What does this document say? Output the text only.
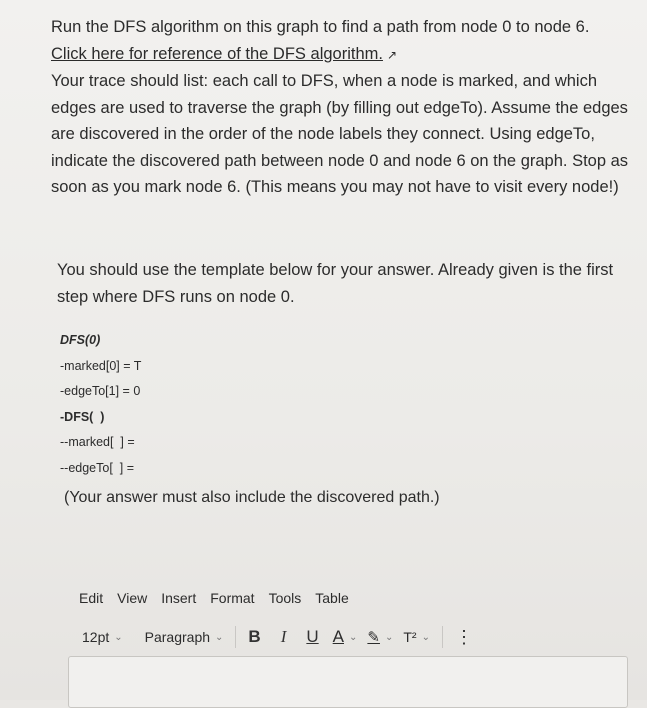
Run the DFS algorithm on this graph to find a path from node 0 to node 6.

Click here for reference of the DFS algorithm. ↗

Your trace should list: each call to DFS, when a node is marked, and which edges are used to traverse the graph (by filling out edgeTo). Assume the edges are discovered in the order of the node labels they connect. Using edgeTo, indicate the discovered path between node 0 and node 6 on the graph. Stop as soon as you mark node 6. (This means you may not have to visit every node!)

You should use the template below for your answer. Already given is the first step where DFS runs on node 0.
DFS(0)
-marked[0] = T
-edgeTo[1] = 0
-DFS(  )
--marked[  ] =
--edgeTo[  ] =
(Your answer must also include the discovered path.)
Edit View Insert Format Tools Table
12pt ⌄ Paragraph ⌄ B I U A ⌄ ✎ ⌄ T² ⌄ ⋮
